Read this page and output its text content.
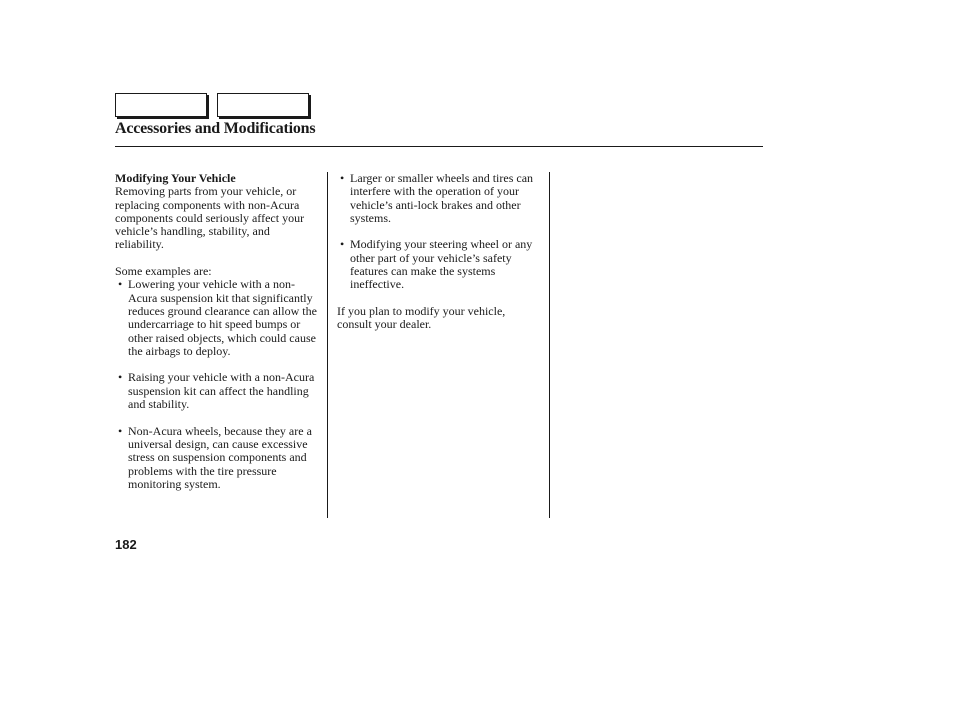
Accessories and Modifications

Modifying Your Vehicle

Removing parts from your vehicle, or replacing components with non-Acura components could seriously affect your vehicle’s handling, stability, and reliability.

Some examples are:

• Lowering your vehicle with a non-Acura suspension kit that significantly reduces ground clearance can allow the undercarriage to hit speed bumps or other raised objects, which could cause the airbags to deploy.
• Raising your vehicle with a non-Acura suspension kit can affect the handling and stability.
• Non-Acura wheels, because they are a universal design, can cause excessive stress on suspension components and problems with the tire pressure monitoring system.
• Larger or smaller wheels and tires can interfere with the operation of your vehicle’s anti-lock brakes and other systems.
• Modifying your steering wheel or any other part of your vehicle’s safety features can make the systems ineffective.

If you plan to modify your vehicle, consult your dealer.

182
